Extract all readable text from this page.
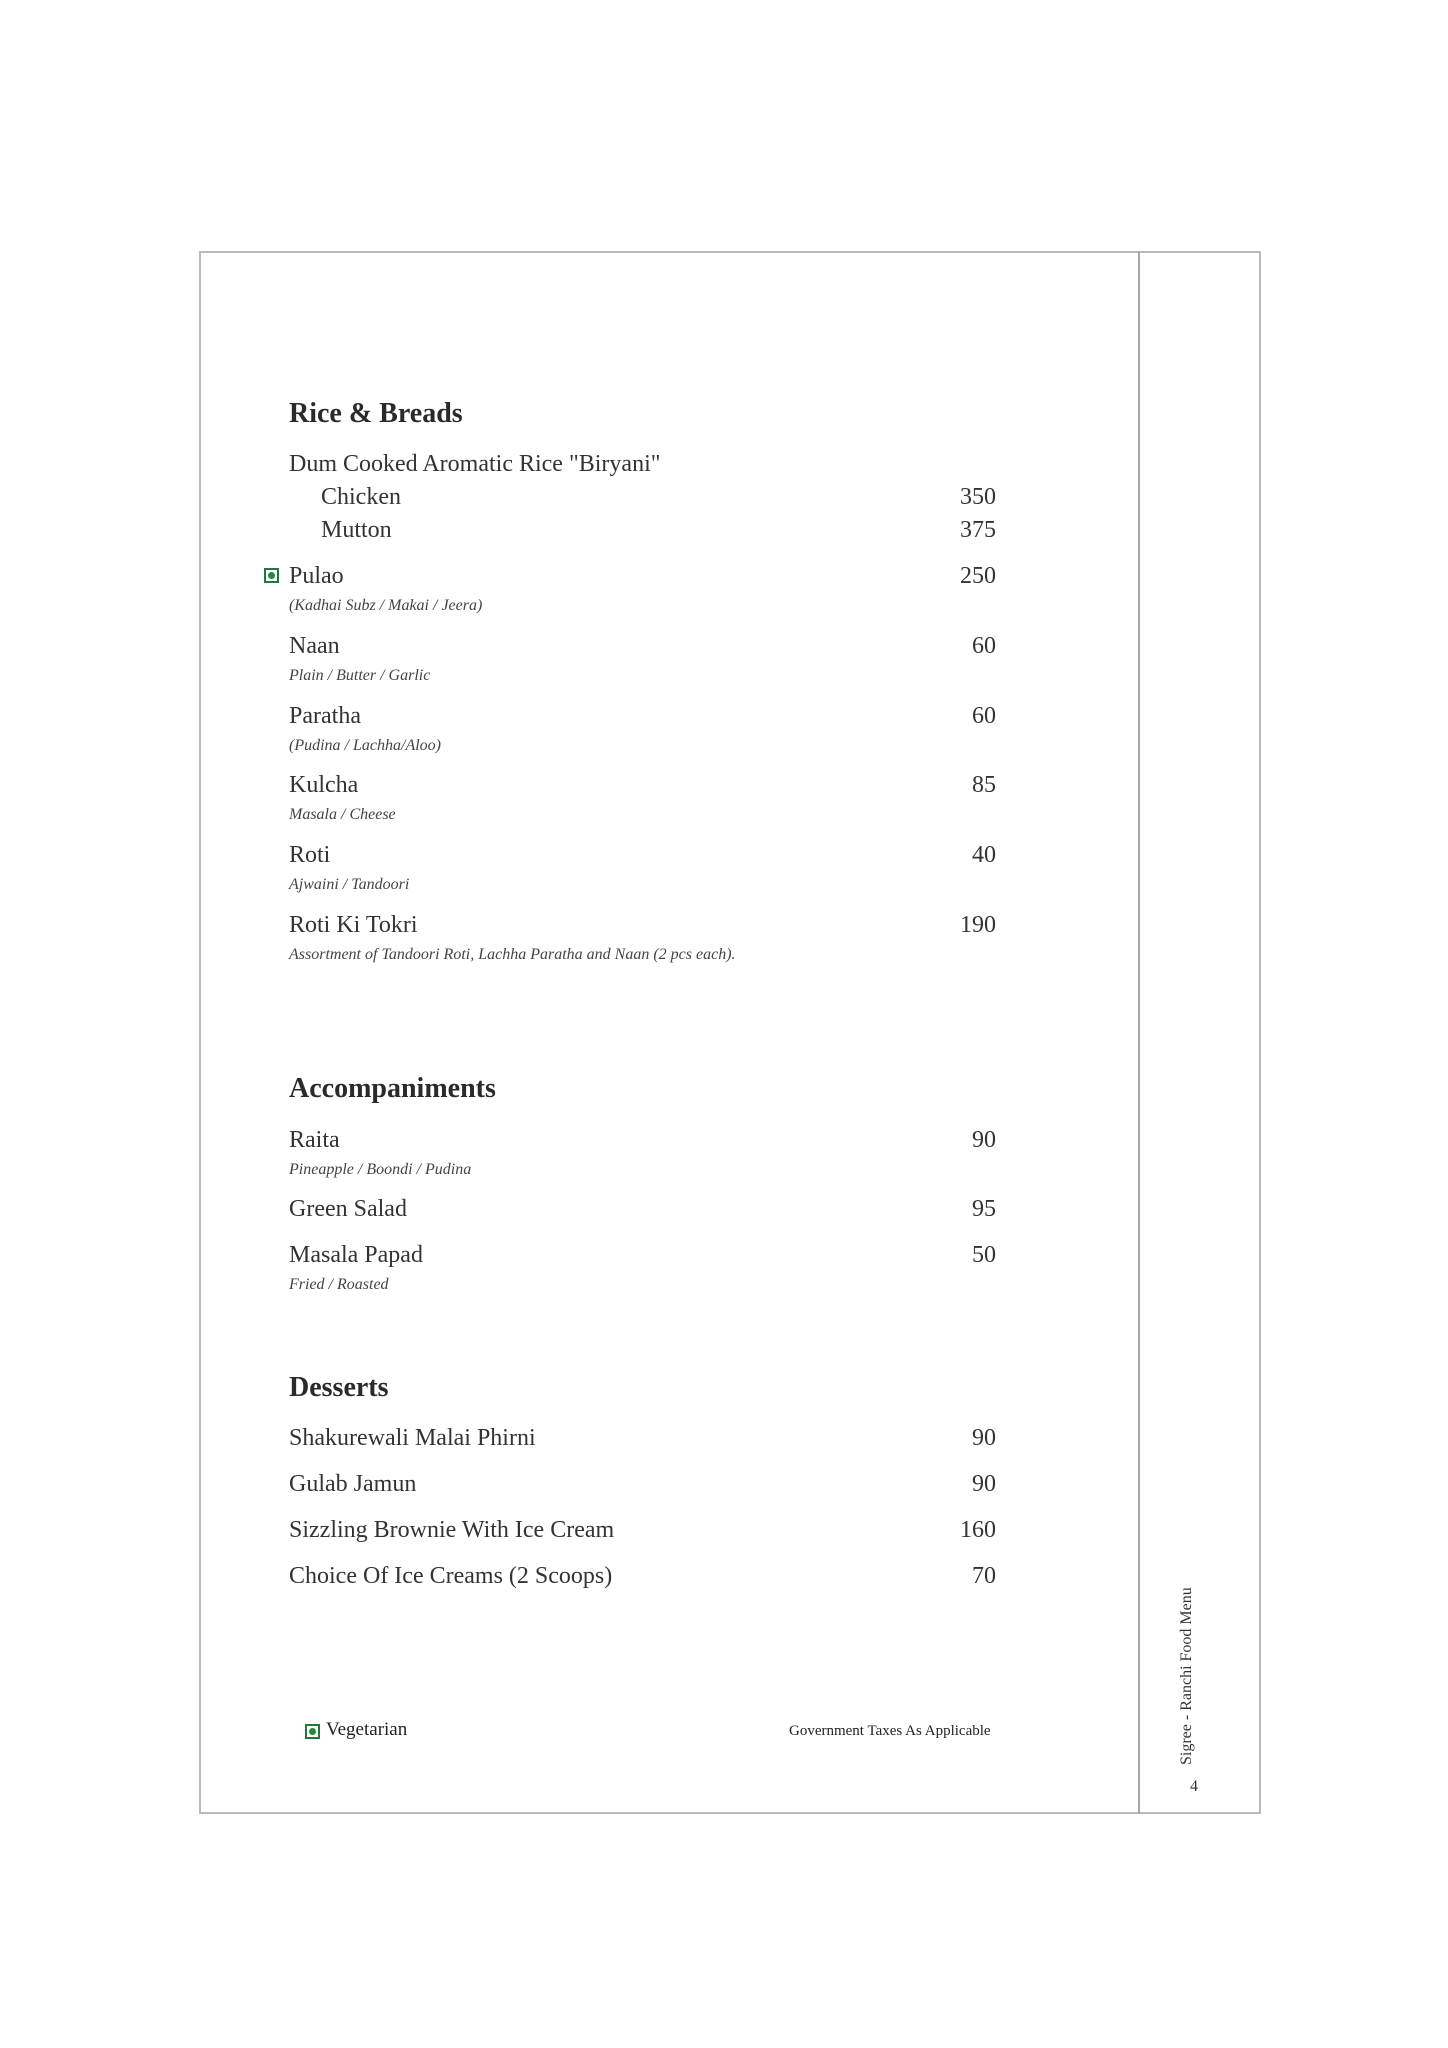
Rice & Breads
Dum Cooked Aromatic Rice "Biryani"
Chicken	350
Mutton	375
Pulao	250
(Kadhai Subz / Makai / Jeera)
Naan	60
Plain / Butter / Garlic
Paratha	60
(Pudina / Lachha/Aloo)
Kulcha	85
Masala / Cheese
Roti	40
Ajwaini / Tandoori
Roti Ki Tokri	190
Assortment of Tandoori Roti, Lachha Paratha and Naan (2 pcs each).
Accompaniments
Raita	90
Pineapple / Boondi / Pudina
Green Salad	95
Masala Papad	50
Fried / Roasted
Desserts
Shakurewali Malai Phirni	90
Gulab Jamun	90
Sizzling Brownie With Ice Cream	160
Choice Of Ice Creams (2 Scoops)	70
Vegetarian	Government Taxes As Applicable	Sigree - Ranchi Food Menu
4
